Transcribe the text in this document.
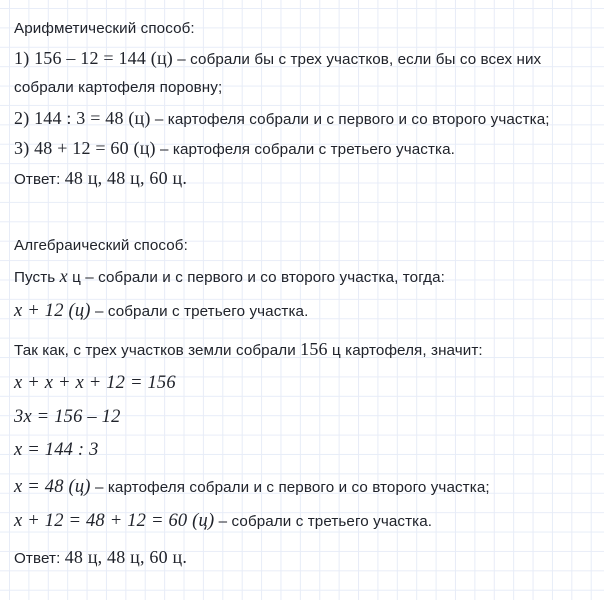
Арифметический способ:
1) 156 – 12 = 144 (ц) – собрали бы с трех участков, если бы со всех них
собрали картофеля поровну;
2) 144 : 3 = 48 (ц) – картофеля собрали и с первого и со второго участка;
3) 48 + 12 = 60 (ц) – картофеля собрали с третьего участка.
Ответ: 48 ц, 48 ц, 60 ц.
Алгебраический способ:
Пусть x ц – собрали и с первого и со второго участка, тогда:
x + 12 (ц) – собрали с третьего участка.
Так как, с трех участков земли собрали 156 ц картофеля, значит:
x + x + x + 12 = 156
3x = 156 – 12
x = 144 : 3
x = 48 (ц) – картофеля собрали и с первого и со второго участка;
x + 12 = 48 + 12 = 60 (ц) – собрали с третьего участка.
Ответ: 48 ц, 48 ц, 60 ц.
